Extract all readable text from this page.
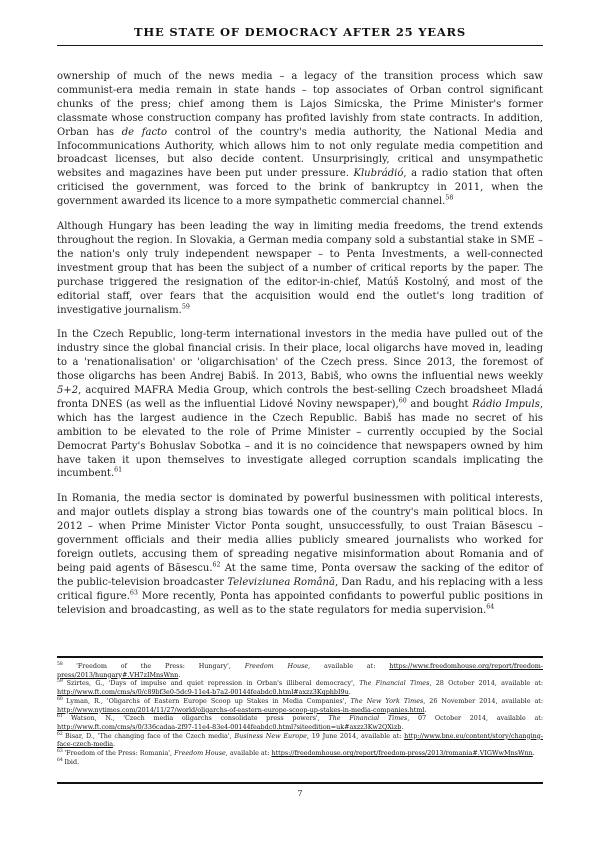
THE STATE OF DEMOCRACY AFTER 25 YEARS

ownership of much of the news media – a legacy of the transition process which saw communist-era media remain in state hands – top associates of Orban control significant chunks of the press; chief among them is Lajos Simicska, the Prime Minister's former classmate whose construction company has profited lavishly from state contracts. In addition, Orban has de facto control of the country's media authority, the National Media and Infocommunications Authority, which allows him to not only regulate media competition and broadcast licenses, but also decide content. Unsurprisingly, critical and unsympathetic websites and magazines have been put under pressure. Klubrádió, a radio station that often criticised the government, was forced to the brink of bankruptcy in 2011, when the government awarded its licence to a more sympathetic commercial channel.$^{58}$

Although Hungary has been leading the way in limiting media freedoms, the trend extends throughout the region. In Slovakia, a German media company sold a substantial stake in SME – the nation's only truly independent newspaper – to Penta Investments, a well-connected investment group that has been the subject of a number of critical reports by the paper. The purchase triggered the resignation of the editor-in-chief, Matúš Kostolný, and most of the editorial staff, over fears that the acquisition would end the outlet's long tradition of investigative journalism.$^{59}$

In the Czech Republic, long-term international investors in the media have pulled out of the industry since the global financial crisis. In their place, local oligarchs have moved in, leading to a 'renationalisation' or 'oligarchisation' of the Czech press. Since 2013, the foremost of those oligarchs has been Andrej Babiš. In 2013, Babiš, who owns the influential news weekly 5+2, acquired MAFRA Media Group, which controls the best-selling Czech broadsheet Mladá fronta DNES (as well as the influential Lidové Noviny newspaper),$^{60}$ and bought Rádio Impuls, which has the largest audience in the Czech Republic. Babiš has made no secret of his ambition to be elevated to the role of Prime Minister – currently occupied by the Social Democrat Party's Bohuslav Sobotka – and it is no coincidence that newspapers owned by him have taken it upon themselves to investigate alleged corruption scandals implicating the incumbent.$^{61}$

In Romania, the media sector is dominated by powerful businessmen with political interests, and major outlets display a strong bias towards one of the country's main political blocs. In 2012 – when Prime Minister Victor Ponta sought, unsuccessfully, to oust Traian Băsescu – government officials and their media allies publicly smeared journalists who worked for foreign outlets, accusing them of spreading negative misinformation about Romania and of being paid agents of Băsescu.$^{62}$ At the same time, Ponta oversaw the sacking of the editor of the public-television broadcaster Televiziunea Română, Dan Radu, and his replacing with a less critical figure.$^{63}$ More recently, Ponta has appointed confidants to powerful public positions in television and broadcasting, as well as to the state regulators for media supervision.$^{64}$

$^{58}$ 'Freedom of the Press: Hungary', Freedom House, available at: https://www.freedomhouse.org/report/freedom-press/2013/hungary#.VH7zIMnsWnn.
$^{59}$ Szirtes, G., 'Days of impulse and quiet repression in Orban's illiberal democracy', The Financial Times, 28 October 2014, available at: http://www.ft.com/cms/s/0/c89bf3e0-5dc9-11e4-b7a2-00144feabdc0.html#axzz3KqphbI9u.
$^{60}$ Lyman, R., 'Oligarchs of Eastern Europe Scoop up Stakes in Media Companies', The New York Times, 26 November 2014, available at: http://www.nytimes.com/2014/11/27/world/oligarchs-of-eastern-europe-scoop-up-stakes-in-media-companies.html.
$^{61}$ Watson, N., 'Czech media oligarchs consolidate press powers', The Financial Times, 07 October 2014, available at: http://www.ft.com/cms/s/0/336cadaa-2f97-11e4-83e4-00144feabdc0.html?siteedition=uk#axzz3Kw2QXizb.
$^{62}$ Bisar, D., 'The changing face of the Czech media', Business New Europe, 19 June 2014, available at: http://www.bne.eu/content/story/changing-face-czech-media.
$^{63}$ 'Freedom of the Press: Romania', Freedom House, available at: https://freedomhouse.org/report/freedom-press/2013/romania#.VIGWwMnsWnn.
$^{64}$ Ibid.
7
